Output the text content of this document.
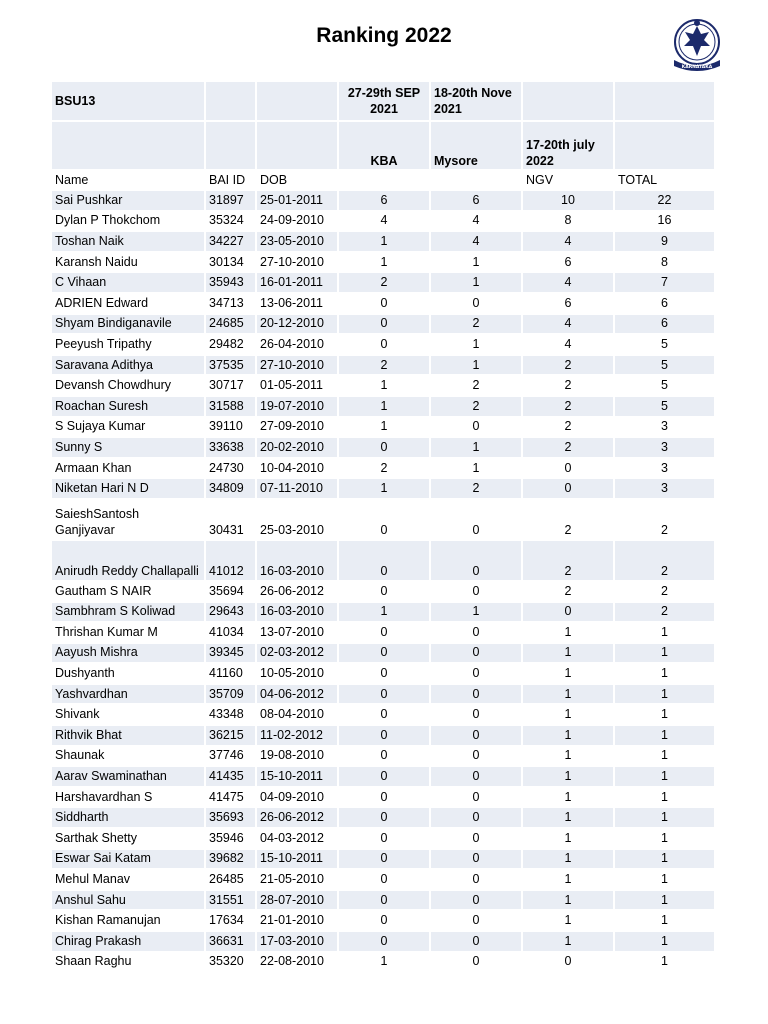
Ranking 2022
KARNATAKA
BSU13			27-29th SEP 2021	18-20th Nove 2021		
			KBA	Mysore	17-20th july 2022	
Name	BAI ID	DOB			NGV	TOTAL
Sai Pushkar	31897	25-01-2011	6	6	10	22
Dylan P Thokchom	35324	24-09-2010	4	4	8	16
Toshan Naik	34227	23-05-2010	1	4	4	9
Karansh Naidu	30134	27-10-2010	1	1	6	8
C Vihaan	35943	16-01-2011	2	1	4	7
ADRIEN Edward	34713	13-06-2011	0	0	6	6
Shyam Bindiganavile	24685	20-12-2010	0	2	4	6
Peeyush Tripathy	29482	26-04-2010	0	1	4	5
Saravana Adithya	37535	27-10-2010	2	1	2	5
Devansh Chowdhury	30717	01-05-2011	1	2	2	5
Roachan Suresh	31588	19-07-2010	1	2	2	5
S Sujaya Kumar	39110	27-09-2010	1	0	2	3
Sunny S	33638	20-02-2010	0	1	2	3
Armaan Khan	24730	10-04-2010	2	1	0	3
Niketan Hari N D	34809	07-11-2010	1	2	0	3
SaieshSantosh Ganjiyavar	30431	25-03-2010	0	0	2	2
Anirudh Reddy Challapalli	41012	16-03-2010	0	0	2	2
Gautham S NAIR	35694	26-06-2012	0	0	2	2
Sambhram S Koliwad	29643	16-03-2010	1	1	0	2
Thrishan Kumar M	41034	13-07-2010	0	0	1	1
Aayush Mishra	39345	02-03-2012	0	0	1	1
Dushyanth	41160	10-05-2010	0	0	1	1
Yashvardhan	35709	04-06-2012	0	0	1	1
Shivank	43348	08-04-2010	0	0	1	1
Rithvik Bhat	36215	11-02-2012	0	0	1	1
Shaunak	37746	19-08-2010	0	0	1	1
Aarav Swaminathan	41435	15-10-2011	0	0	1	1
Harshavardhan S	41475	04-09-2010	0	0	1	1
Siddharth	35693	26-06-2012	0	0	1	1
Sarthak Shetty	35946	04-03-2012	0	0	1	1
Eswar Sai Katam	39682	15-10-2011	0	0	1	1
Mehul Manav	26485	21-05-2010	0	0	1	1
Anshul Sahu	31551	28-07-2010	0	0	1	1
Kishan Ramanujan	17634	21-01-2010	0	0	1	1
Chirag Prakash	36631	17-03-2010	0	0	1	1
Shaan Raghu	35320	22-08-2010	1	0	0	1
